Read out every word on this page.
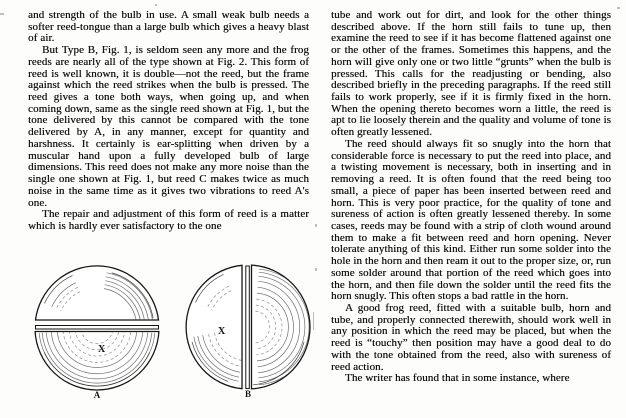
and strength of the bulb in use. A small weak bulb needs a softer reed-tongue than a large bulb which gives a heavy blast of air.

But Type B, Fig. 1, is seldom seen any more and the frog reeds are nearly all of the type shown at Fig. 2. This form of reed is well known, it is double—not the reed, but the frame against which the reed strikes when the bulb is pressed. The reed gives a tone both ways, when going up, and when coming down, same as the single reed shown at Fig. 1, but the tone delivered by this cannot be compared with the tone delivered by A, in any manner, except for quantity and harshness. It certainly is ear-splitting when driven by a muscular hand upon a fully developed bulb of large dimensions. This reed does not make any more noise than the single one shown at Fig. 1, but reed C makes twice as much noise in the same time as it gives two vibrations to reed A's one.

The repair and adjustment of this form of reed is a matter which is hardly ever satisfactory to the one

tube and work out for dirt, and look for the other things described above. If the horn still fails to tune up, then examine the reed to see if it has become flattened against one or the other of the frames. Sometimes this happens, and the horn will give only one or two little “grunts” when the bulb is pressed. This calls for the readjusting or bending, also described briefly in the preceding paragraphs. If the reed still fails to work properly, see if it is firmly fixed in the horn. When the opening thereto becomes worn a little, the reed is apt to lie loosely therein and the quality and volume of tone is often greatly lessened.

The reed should always fit so snugly into the horn that considerable force is necessary to put the reed into place, and a twisting movement is necessary, both in inserting and in removing a reed. It is often found that the reed being too small, a piece of paper has been inserted between reed and horn. This is very poor practice, for the quality of tone and sureness of action is often greatly lessened thereby. In some cases, reeds may be found with a strip of cloth wound around them to make a fit between reed and horn opening. Never tolerate anything of this kind. Either run some solder into the hole in the horn and then ream it out to the proper size, or, run some solder around that portion of the reed which goes into the horn, and then file down the solder until the reed fits the horn snugly. This often stops a bad rattle in the horn.

A good frog reed, fitted with a suitable bulb, horn and tube, and properly connected therewith, should work well in any position in which the reed may be placed, but when the reed is “touchy” then position may have a good deal to do with the tone obtained from the reed, also with sureness of reed action.

The writer has found that in some instance, where

X
A
X
B
